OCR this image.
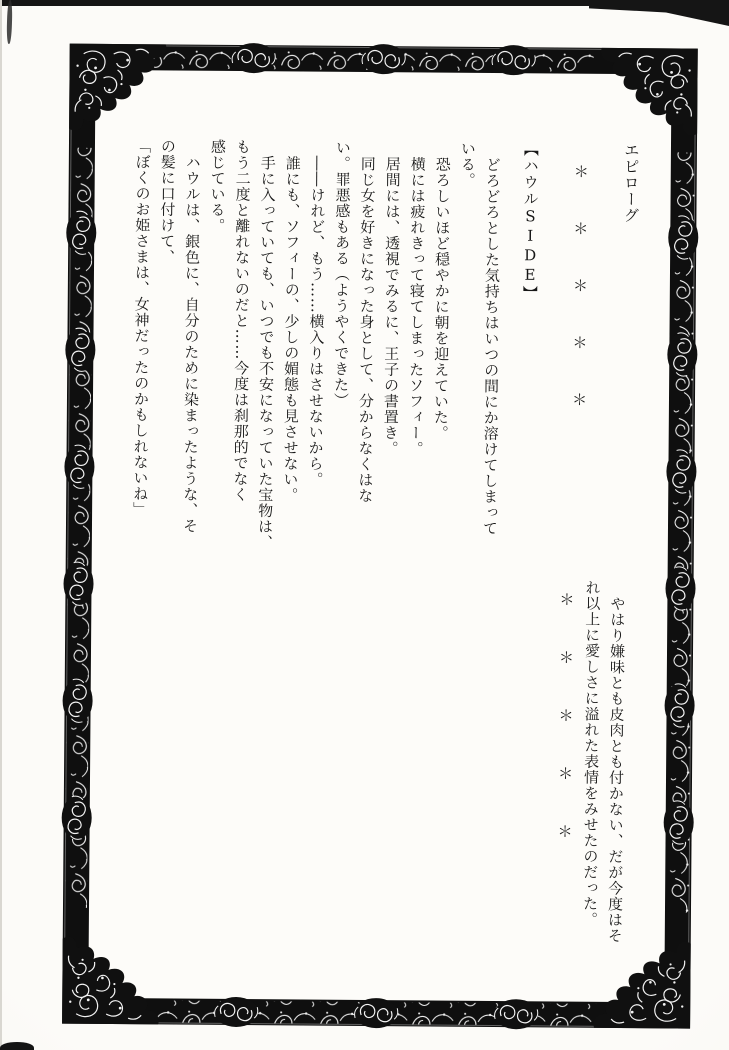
エピローグ
＊＊＊＊＊
【ハウルSIDE】

どろどろとした気持ちはいつの間にか溶けてしまって

いる。

恐ろしいほど穏やかに朝を迎えていた。

横には疲れきって寝てしまったソフィー。

居間には、透視でみるに、王子の書置き。

同じ女を好きになった身として、分からなくはな

い。罪悪感もある（ようやくできた）

――けれど、もう……横入りはさせないから。

誰にも、ソフィーの、少しの媚態も見させない。

手に入っていても、いつでも不安になっていた宝物は、

もう二度と離れないのだと……今度は刹那的でなく

感じている。

ハウルは、銀色に、自分のために染まったような、そ

の髪に口付けて、

「ぼくのお姫さまは、女神だったのかもしれないね」

やはり嫌味とも皮肉とも付かない、だが今度はそ

れ以上に愛しさに溢れた表情をみせたのだった。

＊＊＊＊＊
